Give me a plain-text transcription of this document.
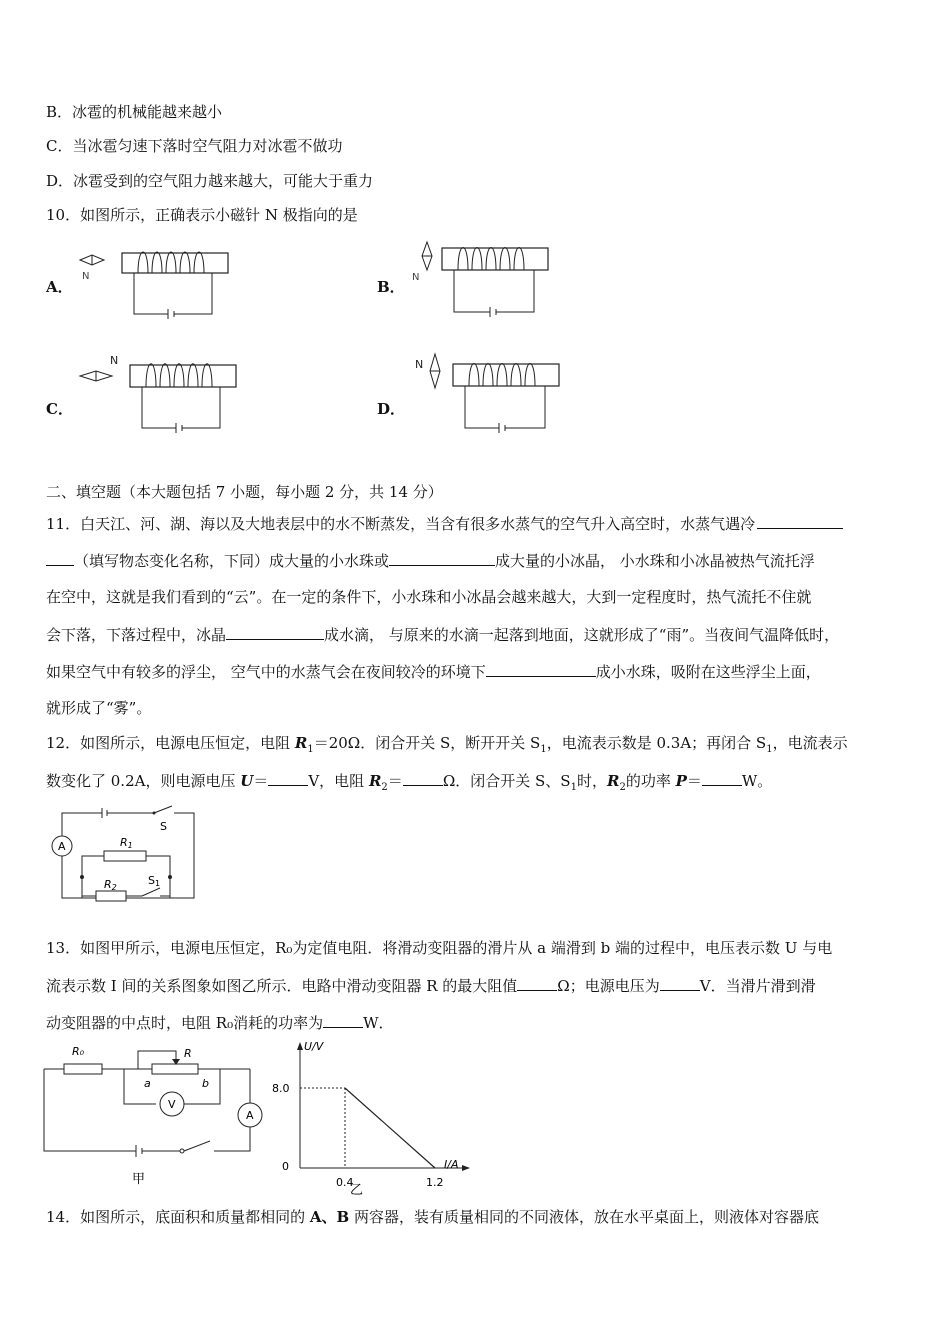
B．冰雹的机械能越来越小
C．当冰雹匀速下落时空气阻力对冰雹不做功
D．冰雹受到的空气阻力越来越大，可能大于重力
10．如图所示，正确表示小磁针 N 极指向的是
A．	B．
C．	D．
N	N
N	N
二、填空题（本大题包括 7 小题，每小题 2 分，共 14 分）
11．白天江、河、湖、海以及大地表层中的水不断蒸发，当含有很多水蒸气的空气升入高空时，水蒸气遇冷
（填写物态变化名称，下同）成大量的小水珠或	成大量的小冰晶， 小水珠和小冰晶被热气流托浮
在空中，这就是我们看到的“云”。在一定的条件下，小水珠和小冰晶会越来越大，大到一定程度时，热气流托不住就
会下落，下落过程中，冰晶	成水滴， 与原来的水滴一起落到地面，这就形成了“雨”。当夜间气温降低时，
如果空气中有较多的浮尘， 空气中的水蒸气会在夜间较冷的环境下	成小水珠，吸附在这些浮尘上面，
就形成了“雾”。
12．如图所示，电源电压恒定，电阻 $R_1=20\Omega$．闭合开关 S，断开开关 $S_1$，电流表示数是 0.3A；再闭合 $S_1$，电流表示
数变化了 0.2A，则电源电压 U＝	V，电阻 $R_2=$	Ω．闭合开关 S、$S_1$时，$R_2$的功率 P＝	W。
A
S
R1
R2
S1
13．如图甲所示，电源电压恒定，R₀为定值电阻．将滑动变阻器的滑片从 a 端滑到 b 端的过程中，电压表示数 U 与电
流表示数 I 间的关系图象如图乙所示．电路中滑动变阻器 R 的最大阻值	Ω；电源电压为	V．当滑片滑到滑
动变阻器的中点时，电阻 R₀消耗的功率为	W．
R₀
V
R
a	b
A
甲
U/V
I/A
0
8.0
0.4	1.2
乙
14．如图所示，底面积和质量都相同的 A、B 两容器，装有质量相同的不同液体，放在水平桌面上，则液体对容器底
